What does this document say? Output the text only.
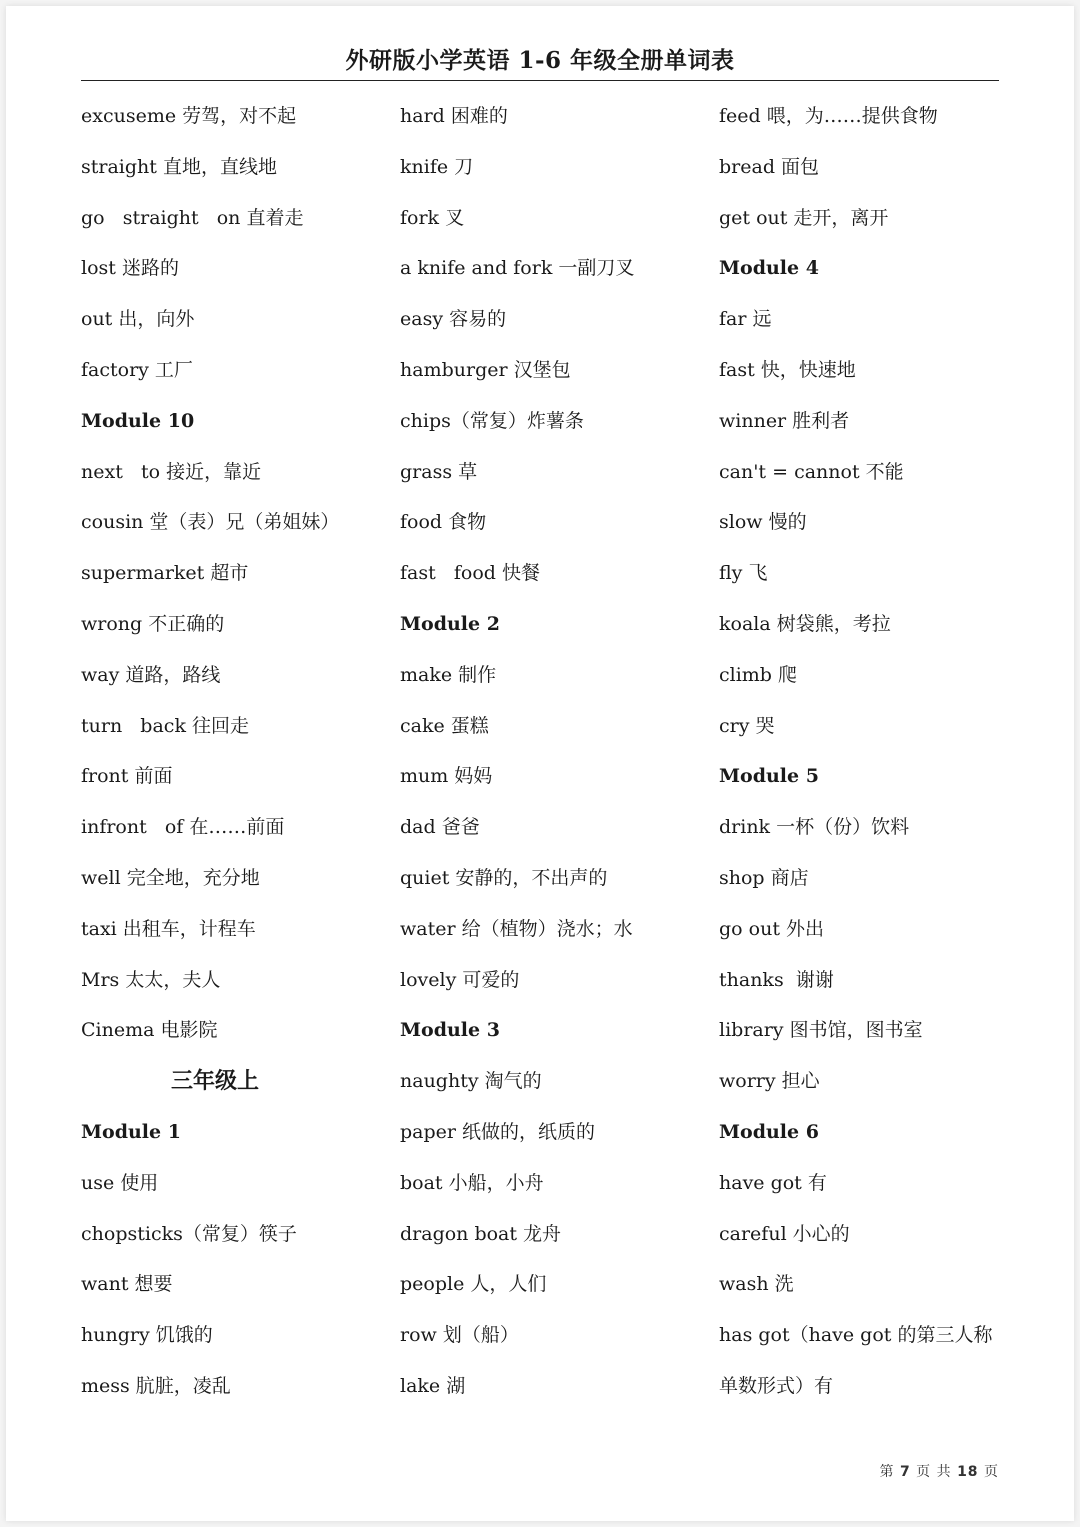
外研版小学英语 1-6 年级全册单词表
excuseme 劳驾，对不起
straight 直地，直线地
go   straight   on 直着走
lost 迷路的
out 出，向外
factory 工厂
Module 10
next   to 接近，靠近
cousin 堂（表）兄（弟姐妹）
supermarket 超市
wrong 不正确的
way 道路，路线
turn   back 往回走
front 前面
infront   of 在……前面
well 完全地，充分地
taxi 出租车，计程车
Mrs 太太，夫人
Cinema 电影院
三年级上
Module 1
use 使用
chopsticks（常复）筷子
want 想要
hungry 饥饿的
mess 肮脏，凌乱
hard 困难的
knife 刀
fork 叉
a knife and fork 一副刀叉
easy 容易的
hamburger 汉堡包
chips（常复）炸薯条
grass 草
food 食物
fast   food 快餐
Module 2
make 制作
cake 蛋糕
mum 妈妈
dad 爸爸
quiet 安静的，不出声的
water 给（植物）浇水；水
lovely 可爱的
Module 3
naughty 淘气的
paper 纸做的，纸质的
boat 小船，小舟
dragon boat 龙舟
people 人，人们
row 划（船）
lake 湖
feed 喂，为……提供食物
bread 面包
get out 走开，离开
Module 4
far 远
fast 快，快速地
winner 胜利者
can't = cannot 不能
slow 慢的
fly 飞
koala 树袋熊，考拉
climb 爬
cry 哭
Module 5
drink 一杯（份）饮料
shop 商店
go out 外出
thanks  谢谢
library 图书馆，图书室
worry 担心
Module 6
have got 有
careful 小心的
wash 洗
has got（have got 的第三人称
单数形式）有
第 7 页 共 18 页
